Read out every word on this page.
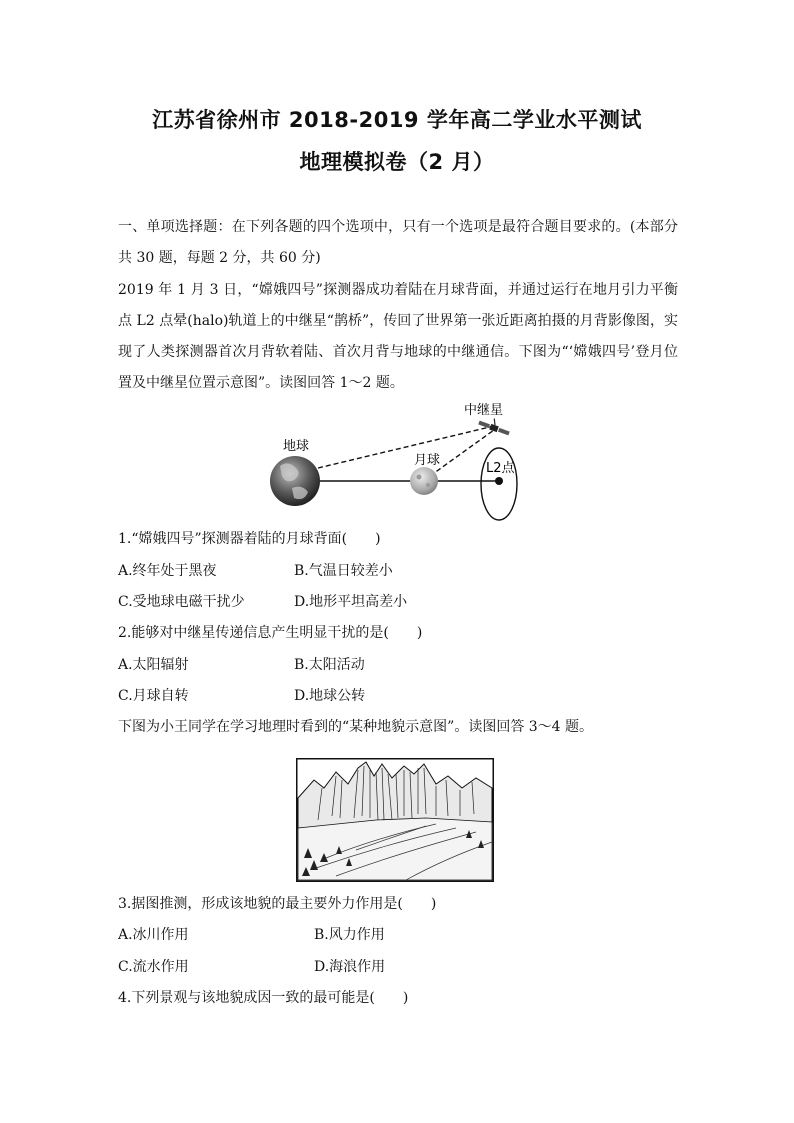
江苏省徐州市 2018-2019 学年高二学业水平测试
地理模拟卷（2 月）
一、单项选择题：在下列各题的四个选项中，只有一个选项是最符合题目要求的。(本部分共 30 题，每题 2 分，共 60 分)
2019 年 1 月 3 日，“嫦娥四号”探测器成功着陆在月球背面，并通过运行在地月引力平衡点 L2 点晕(halo)轨道上的中继星“鹊桥”，传回了世界第一张近距离拍摄的月背影像图，实现了人类探测器首次月背软着陆、首次月背与地球的中继通信。下图为“‘嫦娥四号’登月位置及中继星位置示意图”。读图回答 1～2 题。
地球
月球
中继星
L2点
1.“嫦娥四号”探测器着陆的月球背面(　　)
A.终年处于黑夜	B.气温日较差小
C.受地球电磁干扰少	D.地形平坦高差小
2.能够对中继星传递信息产生明显干扰的是(　　)
A.太阳辐射	B.太阳活动
C.月球自转	D.地球公转
下图为小王同学在学习地理时看到的“某种地貌示意图”。读图回答 3～4 题。
3.据图推测，形成该地貌的最主要外力作用是(　　)
A.冰川作用	B.风力作用
C.流水作用	D.海浪作用
4.下列景观与该地貌成因一致的最可能是(　　)
